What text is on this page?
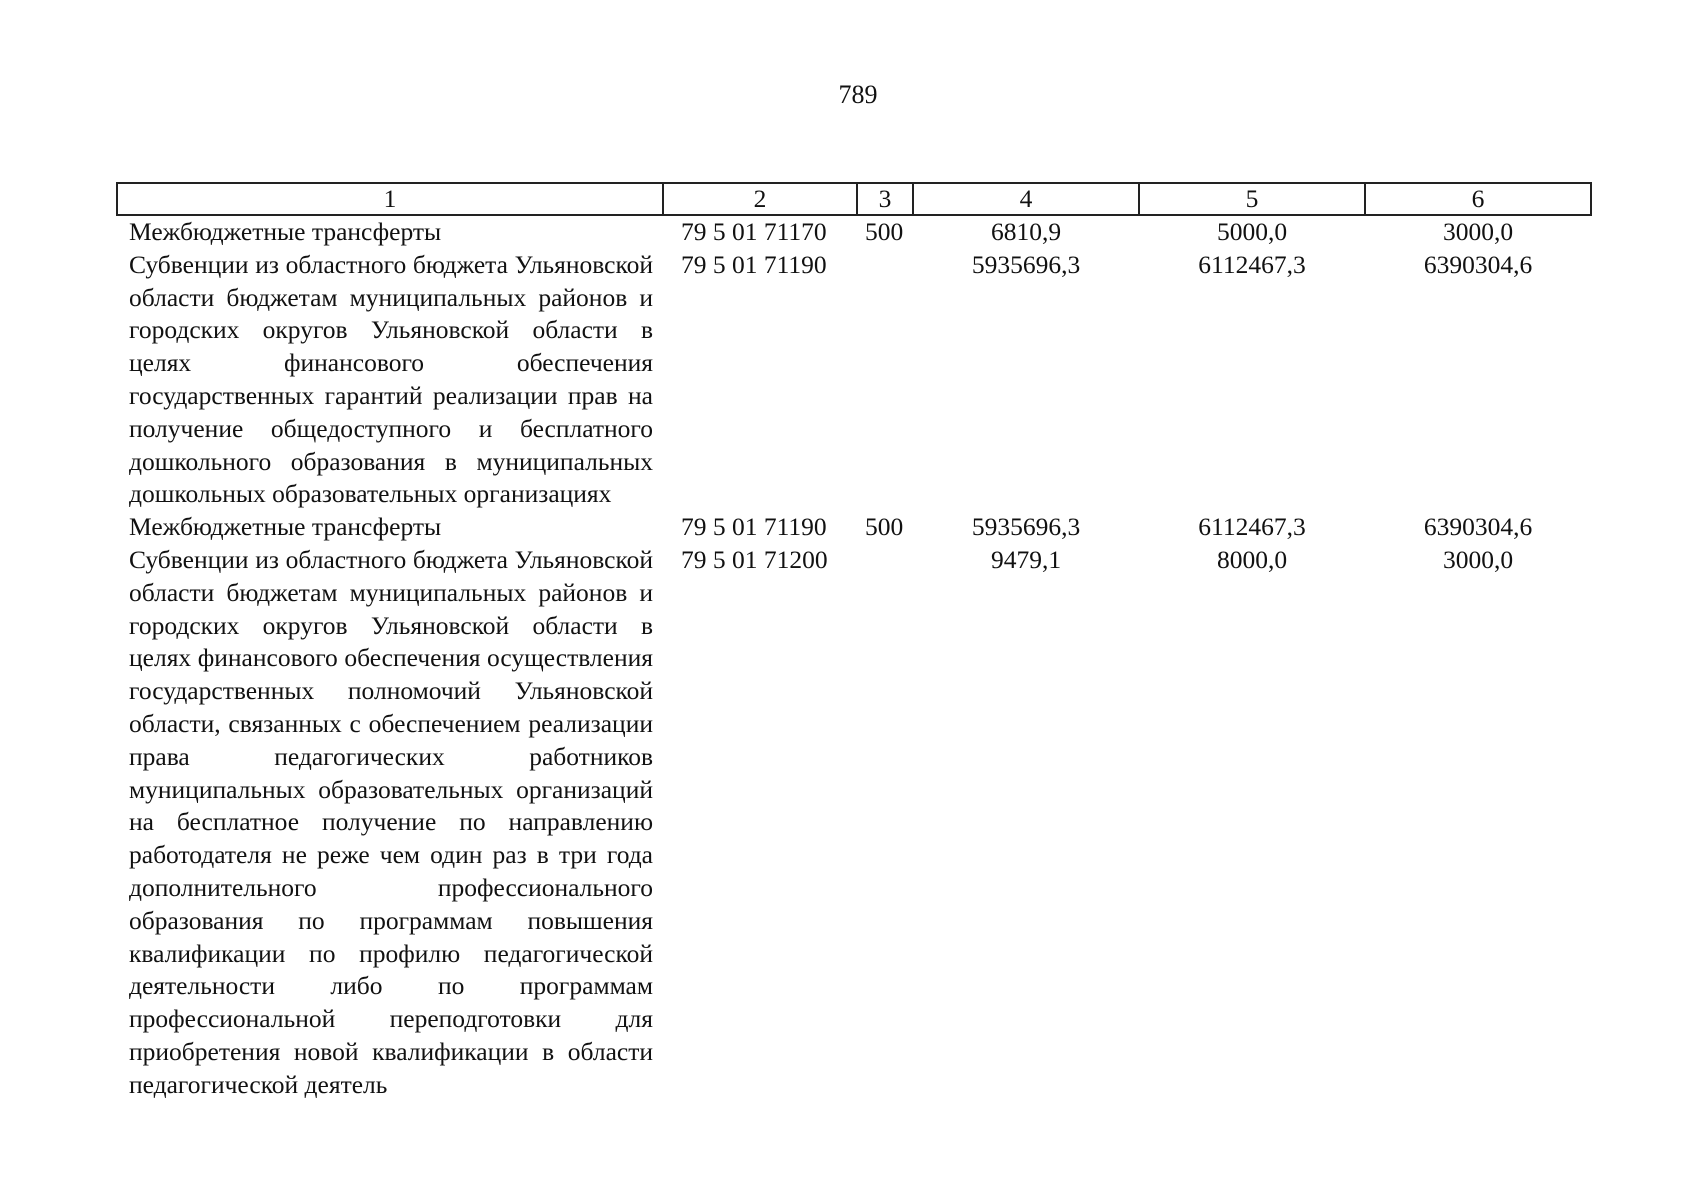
789
1	2	3	4	5	6
Межбюджетные трансферты	79 5 01 71170	500	6810,9	5000,0	3000,0
Субвенции из областного бюджета Ульяновской области бюджетам муниципальных районов и городских округов Ульяновской области в целях финансового обеспечения государственных гарантий реализации прав на получение общедоступного и бесплатного дошкольного образования в муниципальных дошкольных образовательных организациях	79 5 01 71190		5935696,3	6112467,3	6390304,6
Межбюджетные трансферты	79 5 01 71190	500	5935696,3	6112467,3	6390304,6
Субвенции из областного бюджета Ульяновской области бюджетам муниципальных районов и городских округов Ульяновской области в целях финансового обеспечения осуществления государственных полномочий Ульяновской области, связанных с обеспечением реализации права педагогических работников муниципальных образовательных организаций на бесплатное получение по направлению работодателя не реже чем один раз в три года дополнительного профессионального образования по программам повышения квалификации по профилю педагогической деятельности либо по программам профессиональной переподготовки для приобретения новой квалификации в области педагогической деятель	79 5 01 71200		9479,1	8000,0	3000,0
